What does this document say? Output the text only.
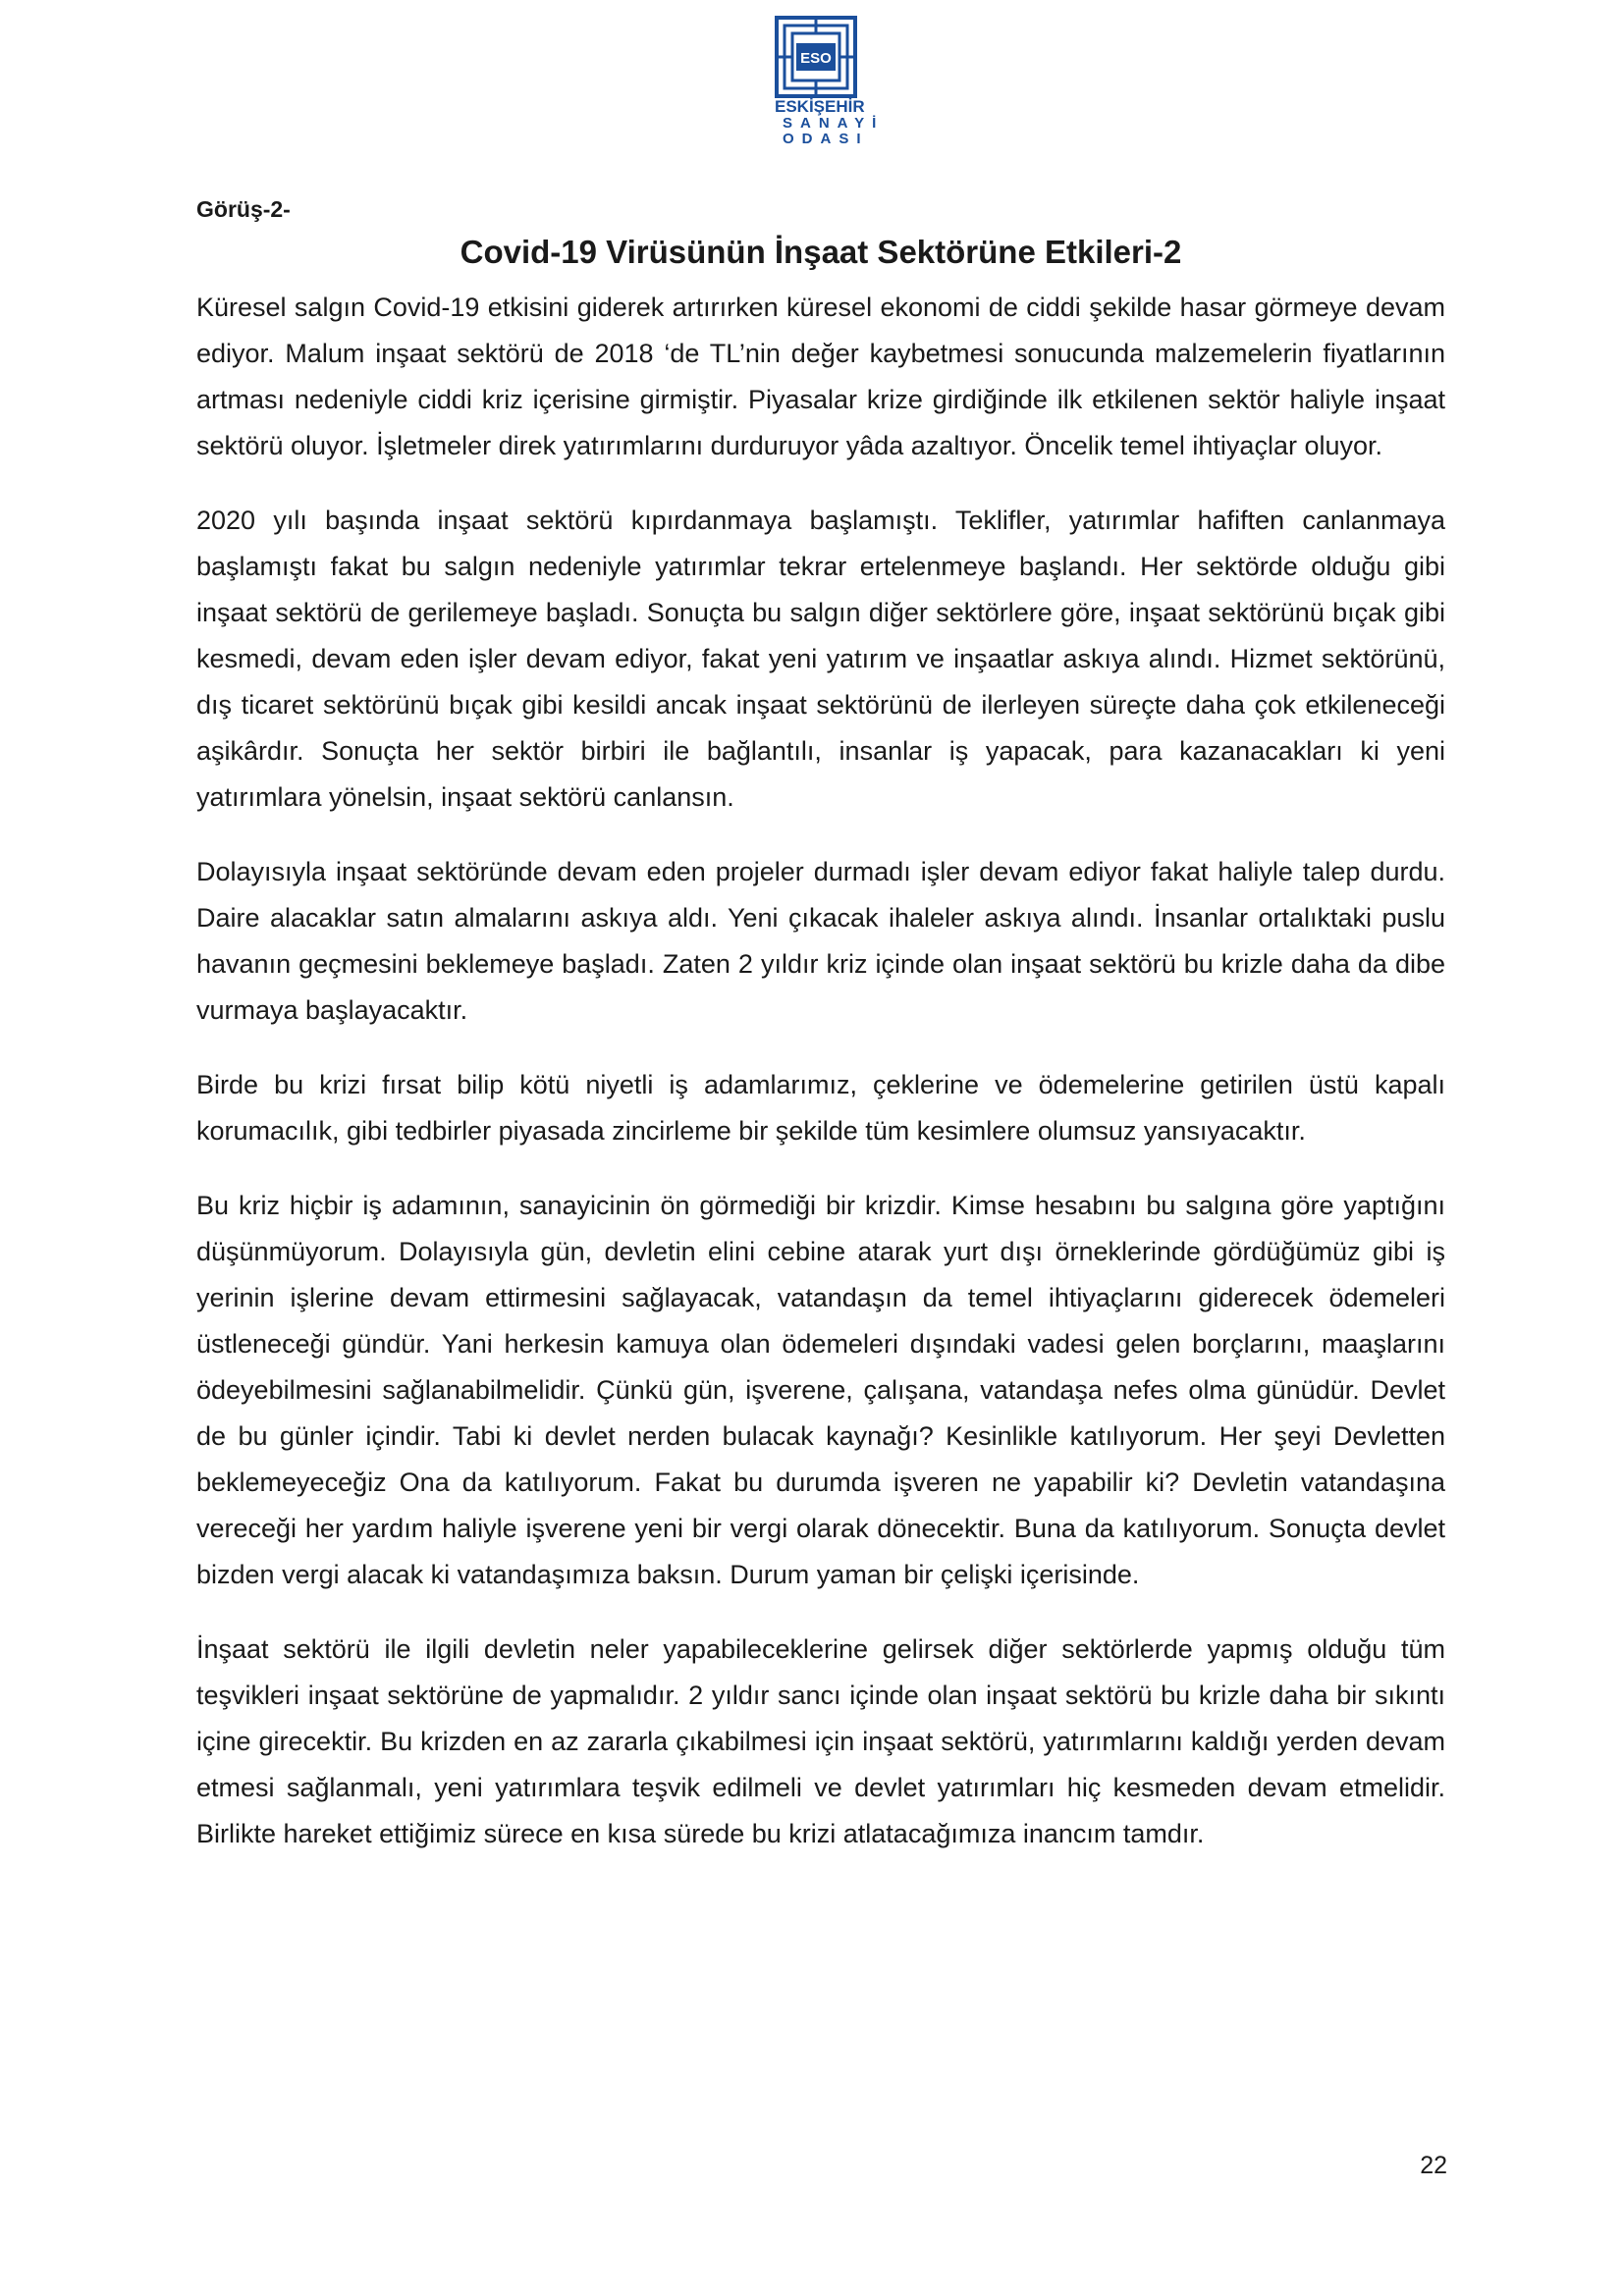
ESO
ESKİŞEHİR
SANAYİ
ODASI
Görüş-2-
Covid-19 Virüsünün İnşaat Sektörüne Etkileri-2

Küresel salgın Covid-19 etkisini giderek artırırken küresel ekonomi de ciddi şekilde hasar görmeye devam ediyor. Malum inşaat sektörü de 2018 ‘de TL’nin değer kaybetmesi sonucunda malzemelerin fiyatlarının artması nedeniyle ciddi kriz içerisine girmiştir. Piyasalar krize girdiğinde ilk etkilenen sektör haliyle inşaat sektörü oluyor. İşletmeler direk yatırımlarını durduruyor yâda azaltıyor. Öncelik temel ihtiyaçlar oluyor.

2020 yılı başında inşaat sektörü kıpırdanmaya başlamıştı. Teklifler, yatırımlar hafiften canlanmaya başlamıştı fakat bu salgın nedeniyle yatırımlar tekrar ertelenmeye başlandı. Her sektörde olduğu gibi inşaat sektörü de gerilemeye başladı. Sonuçta bu salgın diğer sektörlere göre, inşaat sektörünü bıçak gibi kesmedi, devam eden işler devam ediyor, fakat yeni yatırım ve inşaatlar askıya alındı. Hizmet sektörünü, dış ticaret sektörünü bıçak gibi kesildi ancak inşaat sektörünü de ilerleyen süreçte daha çok etkileneceği aşikârdır. Sonuçta her sektör birbiri ile bağlantılı, insanlar iş yapacak, para kazanacakları ki yeni yatırımlara yönelsin, inşaat sektörü canlansın.

Dolayısıyla inşaat sektöründe devam eden projeler durmadı işler devam ediyor fakat haliyle talep durdu. Daire alacaklar satın almalarını askıya aldı. Yeni çıkacak ihaleler askıya alındı. İnsanlar ortalıktaki puslu havanın geçmesini beklemeye başladı. Zaten 2 yıldır kriz içinde olan inşaat sektörü bu krizle daha da dibe vurmaya başlayacaktır.

Birde bu krizi fırsat bilip kötü niyetli iş adamlarımız, çeklerine ve ödemelerine getirilen üstü kapalı korumacılık, gibi tedbirler piyasada zincirleme bir şekilde tüm kesimlere olumsuz yansıyacaktır.

Bu kriz hiçbir iş adamının, sanayicinin ön görmediği bir krizdir. Kimse hesabını bu salgına göre yaptığını düşünmüyorum. Dolayısıyla gün, devletin elini cebine atarak yurt dışı örneklerinde gördüğümüz gibi iş yerinin işlerine devam ettirmesini sağlayacak, vatandaşın da temel ihtiyaçlarını giderecek ödemeleri üstleneceği gündür. Yani herkesin kamuya olan ödemeleri dışındaki vadesi gelen borçlarını, maaşlarını ödeyebilmesini sağlanabilmelidir. Çünkü gün, işverene, çalışana, vatandaşa nefes olma günüdür. Devlet de bu günler içindir. Tabi ki devlet nerden bulacak kaynağı? Kesinlikle katılıyorum. Her şeyi Devletten beklemeyeceğiz Ona da katılıyorum. Fakat bu durumda işveren ne yapabilir ki? Devletin vatandaşına vereceği her yardım haliyle işverene yeni bir vergi olarak dönecektir. Buna da katılıyorum. Sonuçta devlet bizden vergi alacak ki vatandaşımıza baksın. Durum yaman bir çelişki içerisinde.

İnşaat sektörü ile ilgili devletin neler yapabileceklerine gelirsek diğer sektörlerde yapmış olduğu tüm teşvikleri inşaat sektörüne de yapmalıdır. 2 yıldır sancı içinde olan inşaat sektörü bu krizle daha bir sıkıntı içine girecektir. Bu krizden en az zararla çıkabilmesi için inşaat sektörü, yatırımlarını kaldığı yerden devam etmesi sağlanmalı, yeni yatırımlara teşvik edilmeli ve devlet yatırımları hiç kesmeden devam etmelidir. Birlikte hareket ettiğimiz sürece en kısa sürede bu krizi atlatacağımıza inancım tamdır.

22
